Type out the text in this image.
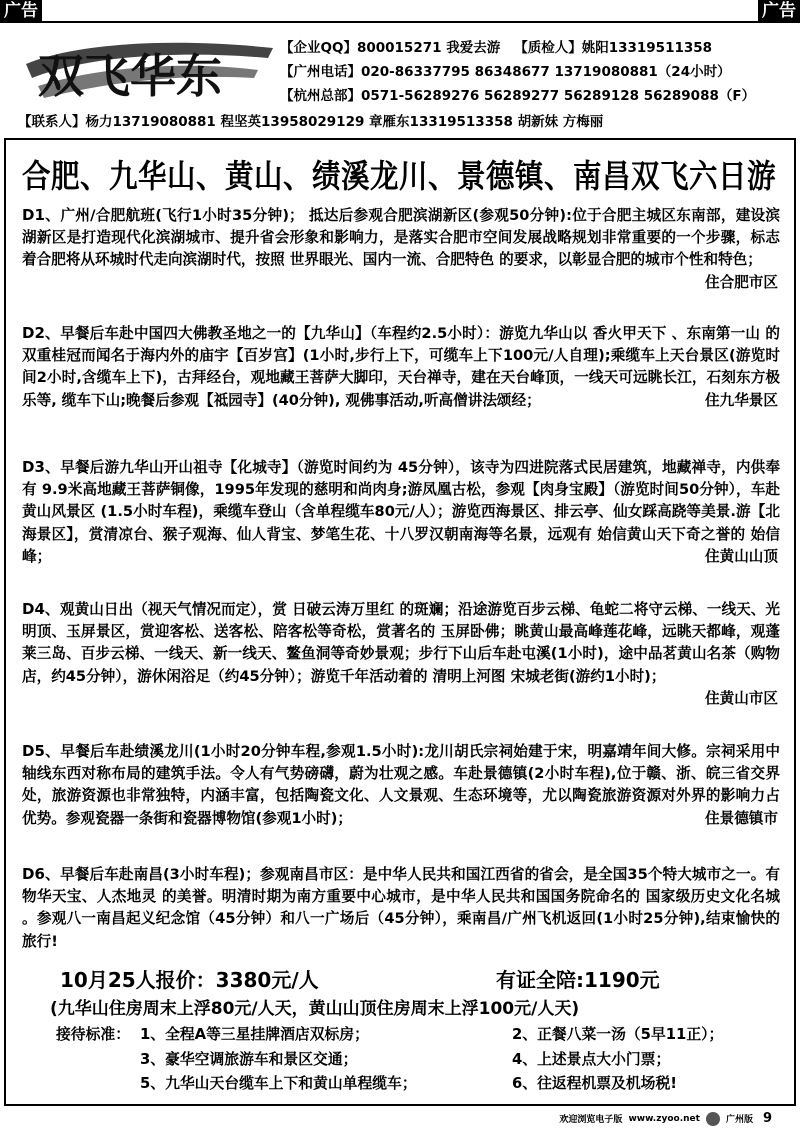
广告	广告
双飞华东
【企业QQ】800015271 我爱去游 【质检人】姚阳13319511358
【广州电话】020-86337795 86348677 13719080881（24小时）
【杭州总部】0571-56289276 56289277 56289128 56289088（F）
【联系人】杨力13719080881 程坚英13958029129 章雁东13319513358 胡新妹 方梅丽
合肥、九华山、黄山、绩溪龙川、景德镇、南昌双飞六日游
D1、广州/合肥航班(飞行1小时35分钟)； 抵达后参观合肥滨湖新区(参观50分钟):位于合肥主城区东南部，建设滨湖新区是打造现代化滨湖城市、提升省会形象和影响力，是落实合肥市空间发展战略规划非常重要的一个步骤，标志着合肥将从环城时代走向滨湖时代，按照 世界眼光、国内一流、合肥特色 的要求，以彰显合肥的城市个性和特色；
住合肥市区
D2、早餐后车赴中国四大佛教圣地之一的【九华山】（车程约2.5小时）：游览九华山以 香火甲天下 、东南第一山 的双重桂冠而闻名于海内外的庙宇【百岁宫】(1小时,步行上下，可缆车上下100元/人自理);乘缆车上天台景区(游览时间2小时,含缆车上下)，古拜经台，观地藏王菩萨大脚印，天台禅寺，建在天台峰顶，一线天可远眺长江，石刻东方极乐等, 缆车下山;晚餐后参观【祗园寺】(40分钟), 观佛事活动,听高僧讲法颂经；	住九华景区
D3、早餐后游九华山开山祖寺【化城寺】（游览时间约为 45分钟），该寺为四进院落式民居建筑，地藏禅寺，内供奉有 9.9米高地藏王菩萨铜像，1995年发现的慈明和尚肉身;游凤凰古松，参观【肉身宝殿】（游览时间50分钟），车赴黄山风景区 (1.5小时车程)，乘缆车登山（含单程缆车80元/人）；游览西海景区、排云亭、仙女踩高跷等美景.游【北海景区】，赏清凉台、猴子观海、仙人背宝、梦笔生花、十八罗汉朝南海等名景，远观有 始信黄山天下奇之誉的 始信峰；	住黄山山顶
D4、观黄山日出（视天气情况而定），赏 日破云涛万里红 的斑斓；沿途游览百步云梯、龟蛇二将守云梯、一线天、光明顶、玉屏景区，赏迎客松、送客松、陪客松等奇松，赏著名的 玉屏卧佛；眺黄山最高峰莲花峰，远眺天都峰，观蓬莱三岛、百步云梯、一线天、新一线天、鳌鱼洞等奇妙景观；步行下山后车赴屯溪(1小时)，途中品茗黄山名茶（购物店，约45分钟），游休闲浴足（约45分钟）；游览千年活动着的 清明上河图 宋城老街(游约1小时)；
住黄山市区
D5、早餐后车赴绩溪龙川(1小时20分钟车程,参观1.5小时):龙川胡氏宗祠始建于宋，明嘉靖年间大修。宗祠采用中轴线东西对称布局的建筑手法。令人有气势磅礴，蔚为壮观之感。车赴景德镇(2小时车程),位于赣、浙、皖三省交界处，旅游资源也非常独特，内涵丰富，包括陶瓷文化、人文景观、生态环境等，尤以陶瓷旅游资源对外界的影响力占优势。参观瓷器一条街和瓷器博物馆(参观1小时)；	住景德镇市
D6、早餐后车赴南昌(3小时车程)；参观南昌市区：是中华人民共和国江西省的省会，是全国35个特大城市之一。有 物华天宝、人杰地灵 的美誉。明清时期为南方重要中心城市，是中华人民共和国国务院命名的 国家级历史文化名城 。参观八一南昌起义纪念馆（45分钟）和八一广场后（45分钟），乘南昌/广州飞机返回(1小时25分钟),结束愉快的旅行!
10月25人报价：3380元/人	有证全陪:1190元
(九华山住房周末上浮80元/人天，黄山山顶住房周末上浮100元/人天)
接待标准： 1、全程A等三星挂牌酒店双标房；	2、正餐八菜一汤（5早11正）；
3、豪华空调旅游车和景区交通；	4、上述景点大小门票；
5、九华山天台缆车上下和黄山单程缆车；	6、往返程机票及机场税!
欢迎浏览电子版 www.zyoo.net	广州版 9
